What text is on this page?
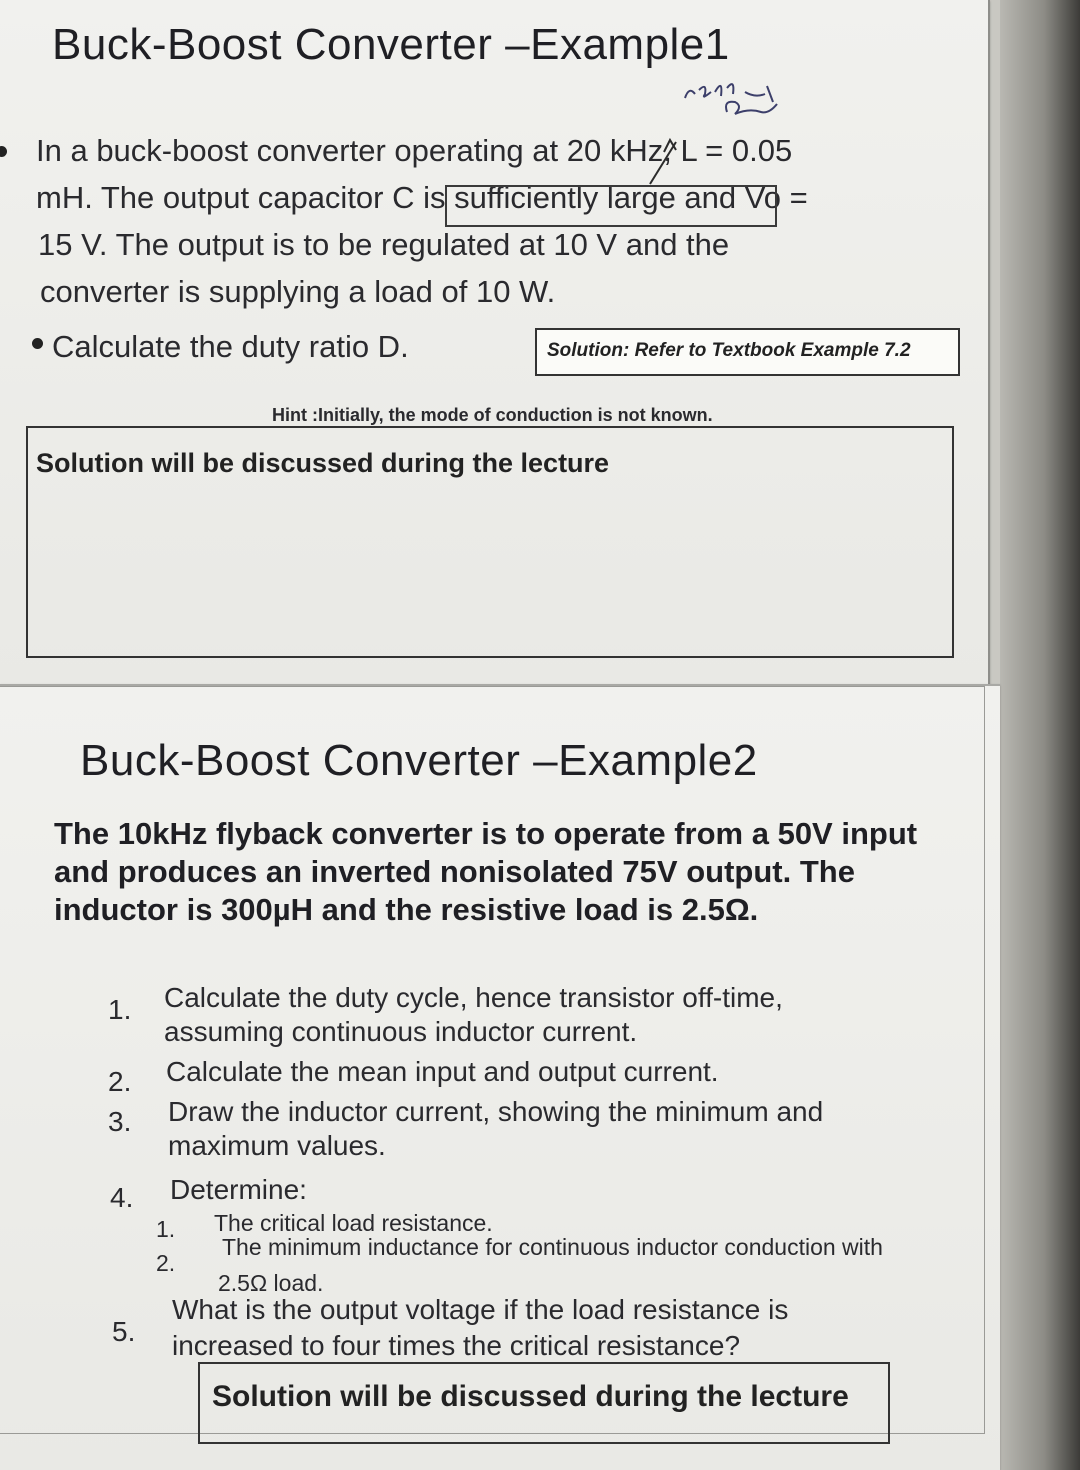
Buck-Boost Converter –Example1
In a buck-boost converter operating at 20 kHz, L = 0.05
mH. The output capacitor C is sufficiently large and Vo =
15 V. The output is to be regulated at 10 V and the
converter is supplying a load of 10 W.
Calculate the duty ratio D.	Solution: Refer to Textbook Example 7.2
Hint :Initially, the mode of conduction is not known.
Solution will be discussed during the lecture
Buck-Boost Converter –Example2
The 10kHz flyback converter is to operate from a 50V input
and produces an inverted nonisolated 75V output. The
inductor is 300µH and the resistive load is 2.5Ω.
1. Calculate the duty cycle, hence transistor off-time,
assuming continuous inductor current.
2. Calculate the mean input and output current.
3. Draw the inductor current, showing the minimum and
maximum values.
4. Determine:
1. The critical load resistance.
2.
The minimum inductance for continuous inductor conduction with
2.5Ω load.
5.
What is the output voltage if the load resistance is
increased to four times the critical resistance?
Solution will be discussed during the lecture
